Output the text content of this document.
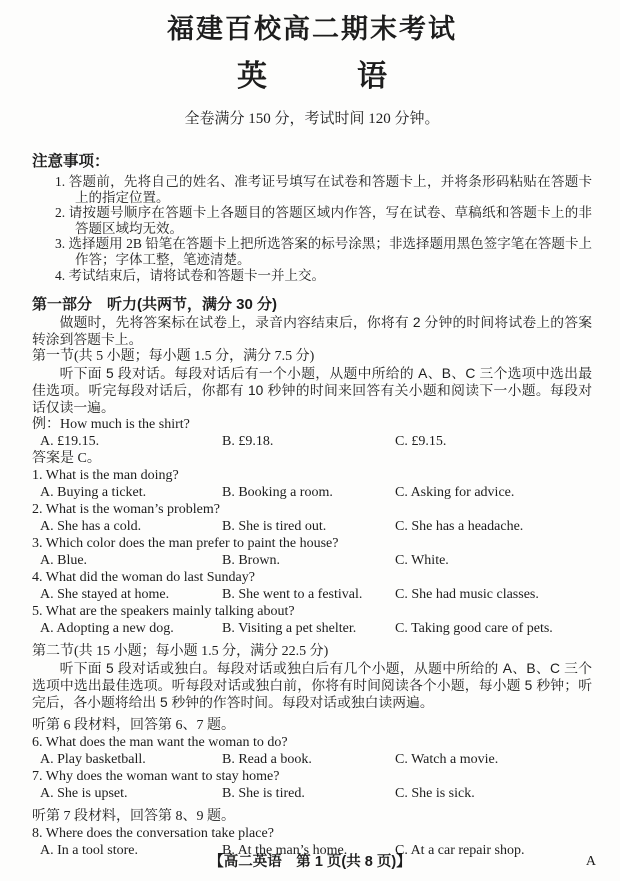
福建百校高二期末考试
英　　　语
全卷满分 150 分，考试时间 120 分钟。
注意事项：
1. 答题前，先将自己的姓名、准考证号填写在试卷和答题卡上，并将条形码粘贴在答题卡上的指定位置。
2. 请按题号顺序在答题卡上各题目的答题区域内作答，写在试卷、草稿纸和答题卡上的非答题区域均无效。
3. 选择题用 2B 铅笔在答题卡上把所选答案的标号涂黑；非选择题用黑色签字笔在答题卡上作答；字体工整，笔迹清楚。
4. 考试结束后，请将试卷和答题卡一并上交。
第一部分　听力(共两节，满分 30 分)

做题时，先将答案标在试卷上，录音内容结束后，你将有 2 分钟的时间将试卷上的答案转涂到答题卡上。

第一节(共 5 小题；每小题 1.5 分，满分 7.5 分)

听下面 5 段对话。每段对话后有一个小题，从题中所给的 A、B、C 三个选项中选出最佳选项。听完每段对话后，你都有 10 秒钟的时间来回答有关小题和阅读下一小题。每段对话仅读一遍。

例：How much is the shirt?

A. £19.15.	B. £9.18.	C. £9.15.

答案是 C。

1. What is the man doing?

A. Buying a ticket.	B. Booking a room.	C. Asking for advice.

2. What is the woman’s problem?

A. She has a cold.	B. She is tired out.	C. She has a headache.

3. Which color does the man prefer to paint the house?

A. Blue.	B. Brown.	C. White.

4. What did the woman do last Sunday?

A. She stayed at home.	B. She went to a festival.	C. She had music classes.

5. What are the speakers mainly talking about?

A. Adopting a new dog.	B. Visiting a pet shelter.	C. Taking good care of pets.

第二节(共 15 小题；每小题 1.5 分，满分 22.5 分)

听下面 5 段对话或独白。每段对话或独白后有几个小题，从题中所给的 A、B、C 三个选项中选出最佳选项。听每段对话或独白前，你将有时间阅读各个小题，每小题 5 秒钟；听完后，各小题将给出 5 秒钟的作答时间。每段对话或独白读两遍。

听第 6 段材料，回答第 6、7 题。

6. What does the man want the woman to do?

A. Play basketball.	B. Read a book.	C. Watch a movie.

7. Why does the woman want to stay home?

A. She is upset.	B. She is tired.	C. She is sick.

听第 7 段材料，回答第 8、9 题。

8. Where does the conversation take place?

A. In a tool store.	B. At the man’s home.	C. At a car repair shop.
【高二英语　第 1 页(共 8 页)】	A
